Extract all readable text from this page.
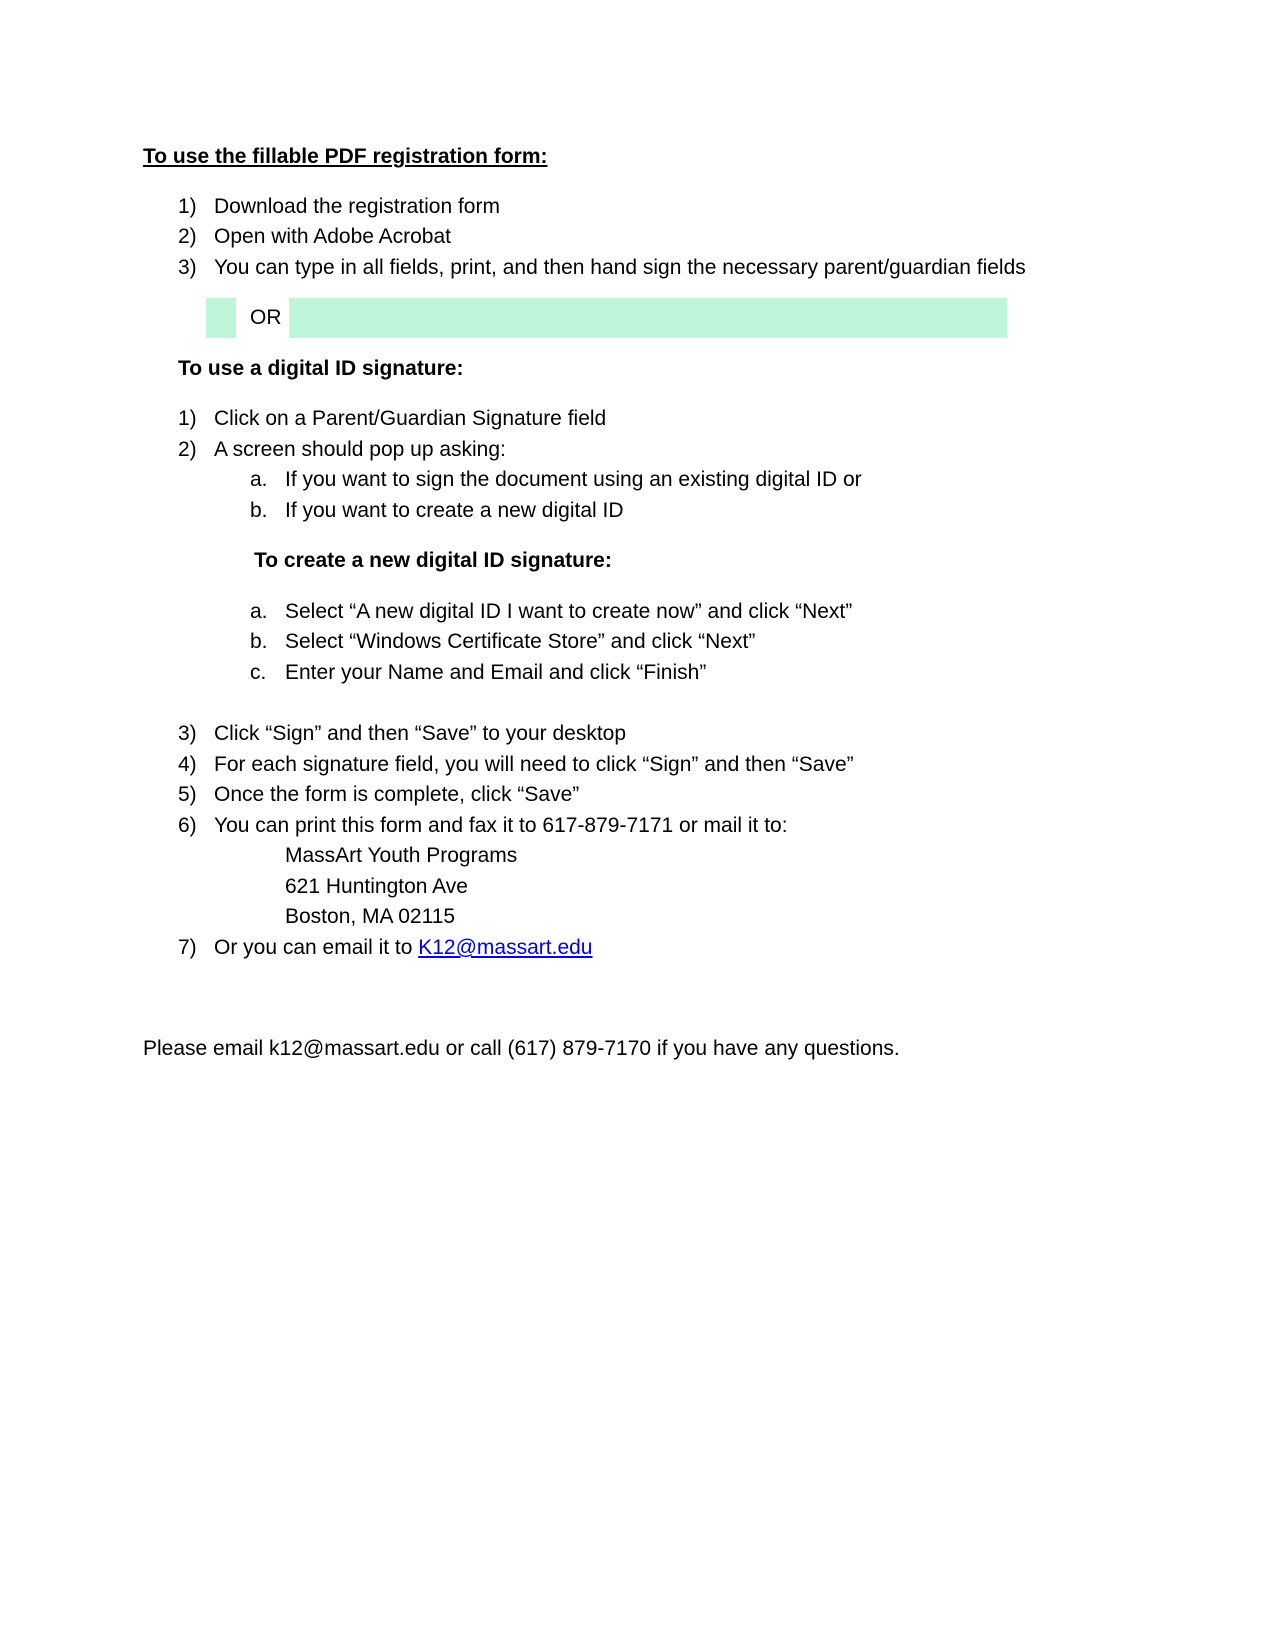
To use the fillable PDF registration form:
1) Download the registration form
2) Open with Adobe Acrobat
3) You can type in all fields, print, and then hand sign the necessary parent/guardian fields
OR
To use a digital ID signature:
1) Click on a Parent/Guardian Signature field
2) A screen should pop up asking:
a. If you want to sign the document using an existing digital ID or
b. If you want to create a new digital ID
To create a new digital ID signature:
a. Select “A new digital ID I want to create now” and click “Next”
b. Select “Windows Certificate Store” and click “Next”
c. Enter your Name and Email and click “Finish”
3) Click “Sign” and then “Save” to your desktop
4) For each signature field, you will need to click “Sign” and then “Save”
5) Once the form is complete, click “Save”
6) You can print this form and fax it to 617-879-7171 or mail it to:
MassArt Youth Programs
621 Huntington Ave
Boston, MA 02115
7) Or you can email it to K12@massart.edu
Please email k12@massart.edu or call (617) 879-7170 if you have any questions.
